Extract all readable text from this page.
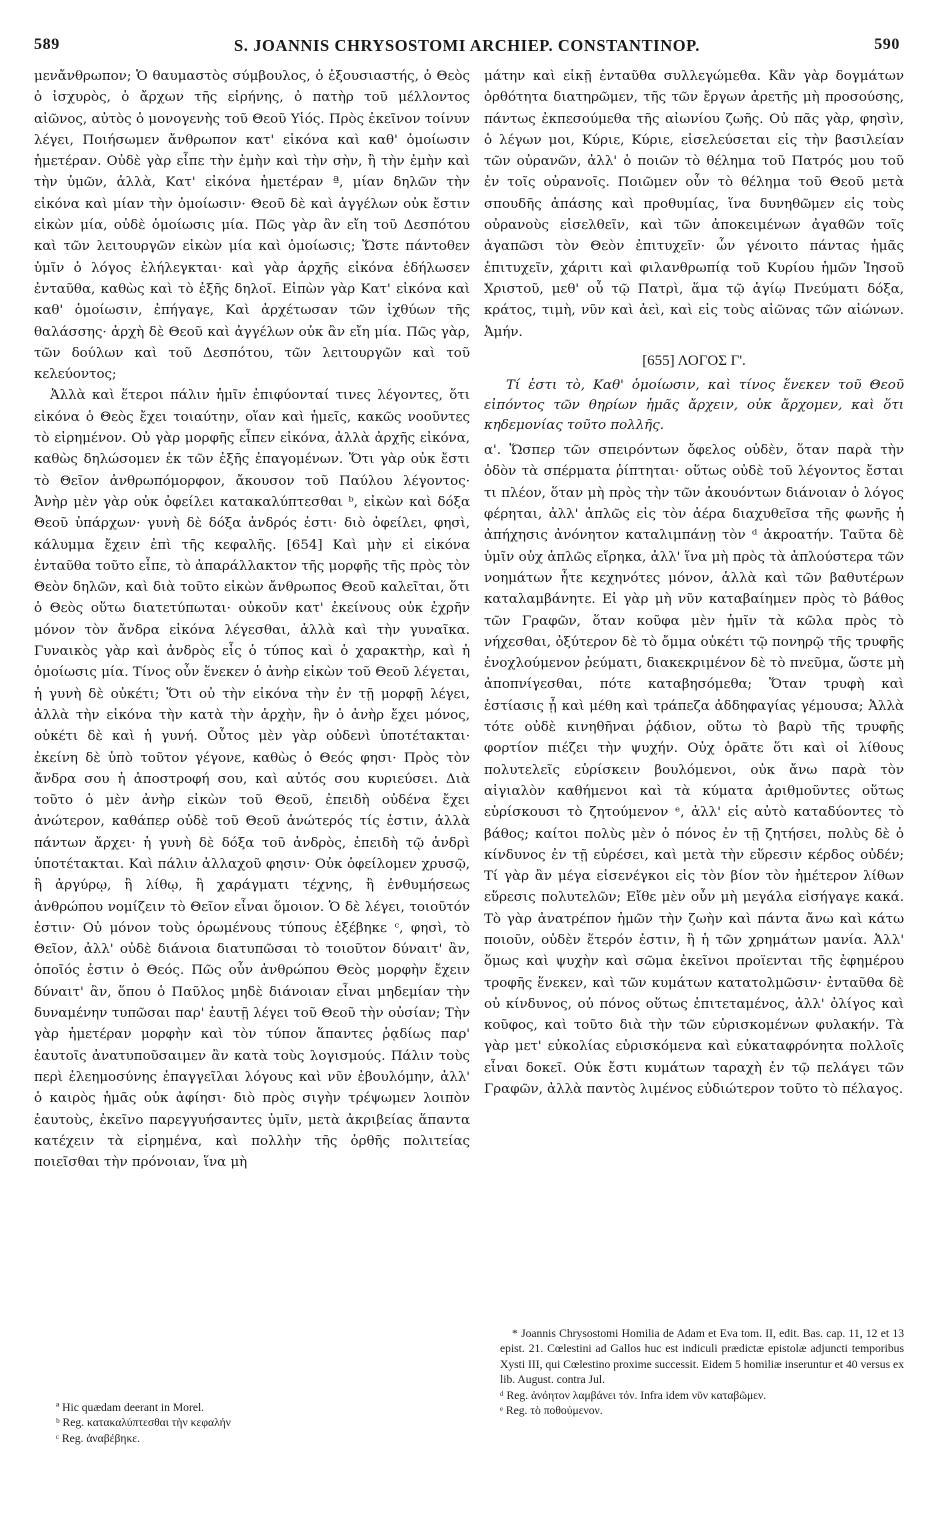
589	S. JOANNIS CHRYSOSTOMI ARCHIEP. CONSTANTINOP.	590

μενἄνθρωπον; Ὁ θαυμαστὸς σύμβουλος, ὁ ἐξουσιαστής, ὁ Θεὸς ὁ ἰσχυρὸς, ὁ ἄρχων τῆς εἰρήνης, ὁ πατὴρ τοῦ μέλλοντος αἰῶνος, αὐτὸς ὁ μονογενὴς τοῦ Θεοῦ Υἱός. Πρὸς ἐκεῖνον τοίνυν λέγει, Ποιήσωμεν ἄνθρωπον κατ' εἰκόνα καὶ καθ' ὁμοίωσιν ἡμετέραν. Οὐδὲ γὰρ εἶπε τὴν ἐμὴν καὶ τὴν σὴν, ἢ τὴν ἐμὴν καὶ τὴν ὑμῶν, ἀλλὰ, Κατ' εἰκόνα ἡμετέραν ª, μίαν δηλῶν τὴν εἰκόνα καὶ μίαν τὴν ὁμοίωσιν· Θεοῦ δὲ καὶ ἀγγέλων οὐκ ἔστιν εἰκὼν μία, οὐδὲ ὁμοίωσις μία. Πῶς γὰρ ἂν εἴη τοῦ Δεσπότου καὶ τῶν λειτουργῶν εἰκὼν μία καὶ ὁμοίωσις; Ὥστε πάντοθεν ὑμῖν ὁ λόγος ἐλήλεγκται· καὶ γὰρ ἀρχῆς εἰκόνα ἐδήλωσεν ἐνταῦθα, καθὼς καὶ τὸ ἑξῆς δηλοῖ. Εἰπὼν γὰρ Κατ' εἰκόνα καὶ καθ' ὁμοίωσιν, ἐπήγαγε, Καὶ ἀρχέτωσαν τῶν ἰχθύων τῆς θαλάσσης· ἀρχὴ δὲ Θεοῦ καὶ ἀγγέλων οὐκ ἂν εἴη μία. Πῶς γὰρ, τῶν δούλων καὶ τοῦ Δεσπότου, τῶν λειτουργῶν καὶ τοῦ κελεύοντος;

Ἀλλὰ καὶ ἕτεροι πάλιν ἡμῖν ἐπιφύονταί τινες λέγοντες, ὅτι εἰκόνα ὁ Θεὸς ἔχει τοιαύτην, οἵαν καὶ ἡμεῖς, κακῶς νοοῦντες τὸ εἰρημένον. Οὐ γὰρ μορφῆς εἶπεν εἰκόνα, ἀλλὰ ἀρχῆς εἰκόνα, καθὼς δηλώσομεν ἐκ τῶν ἑξῆς ἐπαγομένων. Ὅτι γὰρ οὐκ ἔστι τὸ Θεῖον ἀνθρωπόμορφον, ἄκουσον τοῦ Παύλου λέγοντος· Ἀνὴρ μὲν γὰρ οὐκ ὀφείλει κατακαλύπτεσθαι ᵇ, εἰκὼν καὶ δόξα Θεοῦ ὑπάρχων· γυνὴ δὲ δόξα ἀνδρός ἐστι· διὸ ὀφείλει, φησὶ, κάλυμμα ἔχειν ἐπὶ τῆς κεφαλῆς. [654] Καὶ μὴν εἰ εἰκόνα ἐνταῦθα τοῦτο εἶπε, τὸ ἀπαράλλακτον τῆς μορφῆς τῆς πρὸς τὸν Θεὸν δηλῶν, καὶ διὰ τοῦτο εἰκὼν ἄνθρωπος Θεοῦ καλεῖται, ὅτι ὁ Θεὸς οὕτω διατετύπωται· οὐκοῦν κατ' ἐκείνους οὐκ ἐχρῆν μόνον τὸν ἄνδρα εἰκόνα λέγεσθαι, ἀλλὰ καὶ τὴν γυναῖκα. Γυναικὸς γὰρ καὶ ἀνδρὸς εἷς ὁ τύπος καὶ ὁ χαρακτὴρ, καὶ ἡ ὁμοίωσις μία. Τίνος οὖν ἕνεκεν ὁ ἀνὴρ εἰκὼν τοῦ Θεοῦ λέγεται, ἡ γυνὴ δὲ οὐκέτι; Ὅτι οὐ τὴν εἰκόνα τὴν ἐν τῇ μορφῇ λέγει, ἀλλὰ τὴν εἰκόνα τὴν κατὰ τὴν ἀρχὴν, ἣν ὁ ἀνὴρ ἔχει μόνος, οὐκέτι δὲ καὶ ἡ γυνή. Οὗτος μὲν γὰρ οὐδενὶ ὑποτέτακται· ἐκείνη δὲ ὑπὸ τοῦτον γέγονε, καθὼς ὁ Θεός φησι· Πρὸς τὸν ἄνδρα σου ἡ ἀποστροφή σου, καὶ αὐτός σου κυριεύσει. Διὰ τοῦτο ὁ μὲν ἀνὴρ εἰκὼν τοῦ Θεοῦ, ἐπειδὴ οὐδένα ἔχει ἀνώτερον, καθάπερ οὐδὲ τοῦ Θεοῦ ἀνώτερός τίς ἐστιν, ἀλλὰ πάντων ἄρχει· ἡ γυνὴ δὲ δόξα τοῦ ἀνδρὸς, ἐπειδὴ τῷ ἀνδρὶ ὑποτέτακται. Καὶ πάλιν ἀλλαχοῦ φησιν· Οὐκ ὀφείλομεν χρυσῷ, ἢ ἀργύρῳ, ἢ λίθῳ, ἢ χαράγματι τέχνης, ἢ ἐνθυμήσεως ἀνθρώπου νομίζειν τὸ Θεῖον εἶναι ὅμοιον. Ὁ δὲ λέγει, τοιοῦτόν ἐστιν· Οὐ μόνον τοὺς ὁρωμένους τύπους ἐξέβηκε ᶜ, φησὶ, τὸ Θεῖον, ἀλλ' οὐδὲ διάνοια διατυπῶσαι τὸ τοιοῦτον δύναιτ' ἂν, ὁποῖός ἐστιν ὁ Θεός. Πῶς οὖν ἀνθρώπου Θεὸς μορφὴν ἔχειν δύναιτ' ἂν, ὅπου ὁ Παῦλος μηδὲ διάνοιαν εἶναι μηδεμίαν τὴν δυναμένην τυπῶσαι παρ' ἑαυτῇ λέγει τοῦ Θεοῦ τὴν οὐσίαν; Τὴν γὰρ ἡμετέραν μορφὴν καὶ τὸν τύπον ἅπαντες ῥᾳδίως παρ' ἑαυτοῖς ἀνατυποῦσαιμεν ἂν κατὰ τοὺς λογισμούς. Πάλιν τοὺς περὶ ἐλεημοσύνης ἐπαγγεῖλαι λόγους καὶ νῦν ἐβουλόμην, ἀλλ' ὁ καιρὸς ἡμᾶς οὐκ ἀφίησι· διὸ πρὸς σιγὴν τρέψωμεν λοιπὸν ἑαυτοὺς, ἐκεῖνο παρεγγυήσαντες ὑμῖν, μετὰ ἀκριβείας ἅπαντα κατέχειν τὰ εἰρημένα, καὶ πολλὴν τῆς ὀρθῆς πολιτείας ποιεῖσθαι τὴν πρόνοιαν, ἵνα μὴ

μάτην καὶ εἰκῇ ἐνταῦθα συλλεγώμεθα. Κἂν γὰρ δογμάτων ὀρθότητα διατηρῶμεν, τῆς τῶν ἔργων ἀρετῆς μὴ προσούσης, πάντως ἐκπεσούμεθα τῆς αἰωνίου ζωῆς. Οὐ πᾶς γὰρ, φησὶν, ὁ λέγων μοι, Κύριε, Κύριε, εἰσελεύσεται εἰς τὴν βασιλείαν τῶν οὐρανῶν, ἀλλ' ὁ ποιῶν τὸ θέλημα τοῦ Πατρός μου τοῦ ἐν τοῖς οὐρανοῖς. Ποιῶμεν οὖν τὸ θέλημα τοῦ Θεοῦ μετὰ σπουδῆς ἁπάσης καὶ προθυμίας, ἵνα δυνηθῶμεν εἰς τοὺς οὐρανοὺς εἰσελθεῖν, καὶ τῶν ἀποκειμένων ἀγαθῶν τοῖς ἀγαπῶσι τὸν Θεὸν ἐπιτυχεῖν· ὧν γένοιτο πάντας ἡμᾶς ἐπιτυχεῖν, χάριτι καὶ φιλανθρωπίᾳ τοῦ Κυρίου ἡμῶν Ἰησοῦ Χριστοῦ, μεθ' οὗ τῷ Πατρὶ, ἅμα τῷ ἁγίῳ Πνεύματι δόξα, κράτος, τιμὴ, νῦν καὶ ἀεὶ, καὶ εἰς τοὺς αἰῶνας τῶν αἰώνων. Ἀμήν.

[655] ΛΟΓΟΣ Γ'.
Τί ἐστι τὸ, Καθ' ὁμοίωσιν, καὶ τίνος ἕνεκεν τοῦ Θεοῦ εἰπόντος τῶν θηρίων ἡμᾶς ἄρχειν, οὐκ ἄρχομεν, καὶ ὅτι κηδεμονίας τοῦτο πολλῆς.

α'. Ὥσπερ τῶν σπειρόντων ὄφελος οὐδὲν, ὅταν παρὰ τὴν ὁδὸν τὰ σπέρματα ῥίπτηται· οὕτως οὐδὲ τοῦ λέγοντος ἔσται τι πλέον, ὅταν μὴ πρὸς τὴν τῶν ἀκουόντων διάνοιαν ὁ λόγος φέρηται, ἀλλ' ἁπλῶς εἰς τὸν ἀέρα διαχυθεῖσα τῆς φωνῆς ἡ ἀπήχησις ἀνόνητον καταλιμπάνῃ τὸν ᵈ ἀκροατήν. Ταῦτα δὲ ὑμῖν οὐχ ἁπλῶς εἴρηκα, ἀλλ' ἵνα μὴ πρὸς τὰ ἁπλούστερα τῶν νοημάτων ἦτε κεχηνότες μόνον, ἀλλὰ καὶ τῶν βαθυτέρων καταλαμβάνητε. Εἰ γὰρ μὴ νῦν καταβαίημεν πρὸς τὸ βάθος τῶν Γραφῶν, ὅταν κοῦφα μὲν ἡμῖν τὰ κῶλα πρὸς τὸ νήχεσθαι, ὀξύτερον δὲ τὸ ὄμμα οὐκέτι τῷ πονηρῷ τῆς τρυφῆς ἐνοχλούμενον ῥεύματι, διακεκριμένον δὲ τὸ πνεῦμα, ὥστε μὴ ἀποπνίγεσθαι, πότε καταβησόμεθα; Ὅταν τρυφὴ καὶ ἑστίασις ᾖ καὶ μέθη καὶ τράπεζα ἀδδηφαγίας γέμουσα; Ἀλλὰ τότε οὐδὲ κινηθῆναι ῥᾴδιον, οὕτω τὸ βαρὺ τῆς τρυφῆς φορτίον πιέζει τὴν ψυχήν. Οὐχ ὁρᾶτε ὅτι καὶ οἱ λίθους πολυτελεῖς εὑρίσκειν βουλόμενοι, οὐκ ἄνω παρὰ τὸν αἰγιαλὸν καθήμενοι καὶ τὰ κύματα ἀριθμοῦντες οὕτως εὑρίσκουσι τὸ ζητούμενον ᵉ, ἀλλ' εἰς αὐτὸ καταδύοντες τὸ βάθος; καίτοι πολὺς μὲν ὁ πόνος ἐν τῇ ζητήσει, πολὺς δὲ ὁ κίνδυνος ἐν τῇ εὑρέσει, καὶ μετὰ τὴν εὕρεσιν κέρδος οὐδέν; Τί γὰρ ἂν μέγα εἰσενέγκοι εἰς τὸν βίον τὸν ἡμέτερον λίθων εὕρεσις πολυτελῶν; Εἴθε μὲν οὖν μὴ μεγάλα εἰσήγαγε κακά. Τὸ γὰρ ἀνατρέπον ἡμῶν τὴν ζωὴν καὶ πάντα ἄνω καὶ κάτω ποιοῦν, οὐδὲν ἕτερόν ἐστιν, ἢ ἡ τῶν χρημάτων μανία. Ἀλλ' ὅμως καὶ ψυχὴν καὶ σῶμα ἐκεῖνοι προϊενται τῆς ἐφημέρου τροφῆς ἕνεκεν, καὶ τῶν κυμάτων κατατολμῶσιν· ἐνταῦθα δὲ οὐ κίνδυνος, οὐ πόνος οὕτως ἐπιτεταμένος, ἀλλ' ὀλίγος καὶ κοῦφος, καὶ τοῦτο διὰ τὴν τῶν εὑρισκομένων φυλακήν. Τὰ γὰρ μετ' εὐκολίας εὑρισκόμενα καὶ εὐκαταφρόνητα πολλοῖς εἶναι δοκεῖ. Οὐκ ἔστι κυμάτων ταραχὴ ἐν τῷ πελάγει τῶν Γραφῶν, ἀλλὰ παντὸς λιμένος εὐδιώτερον τοῦτο τὸ πέλαγος.

ª Hic quædam deerant in Morel.

ᵇ Reg. κατακαλύπτεσθαι τὴν κεφαλήν

ᶜ Reg. ἀναβέβηκε.

* Joannis Chrysostomi Homilia de Adam et Eva tom. II, edit. Bas. cap. 11, 12 et 13 epist. 21. Cœlestini ad Gallos huc est indiculi prædictæ epistolæ adjuncti temporibus Xysti III, qui Cœlestino proxime successit. Eidem 5 homiliæ inseruntur et 40 versus ex lib. August. contra Jul.

ᵈ Reg. ἀνόητον λαμβάνει τόν. Infra idem νῦν καταβῶμεν.

ᵉ Reg. τὸ ποθούμενον.
